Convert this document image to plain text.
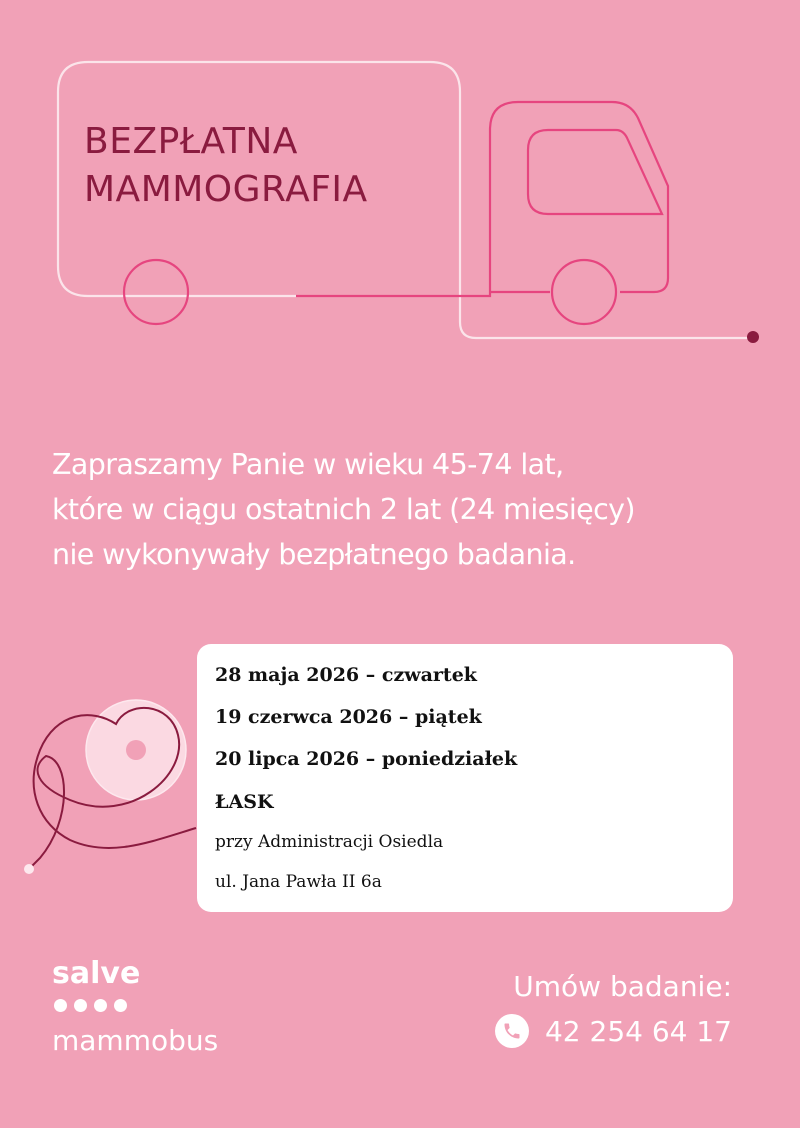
BEZPŁATNA
MAMMOGRAFIA
Zapraszamy Panie w wieku 45-74 lat,
które w ciągu ostatnich 2 lat (24 miesięcy)
nie wykonywały bezpłatnego badania.
28 maja 2026 – czwartek
19 czerwca 2026 – piątek
20 lipca 2026 – poniedziałek
ŁASK
przy Administracji Osiedla
ul. Jana Pawła II 6a
salve
mammobus
Umów badanie:
42 254 64 17
